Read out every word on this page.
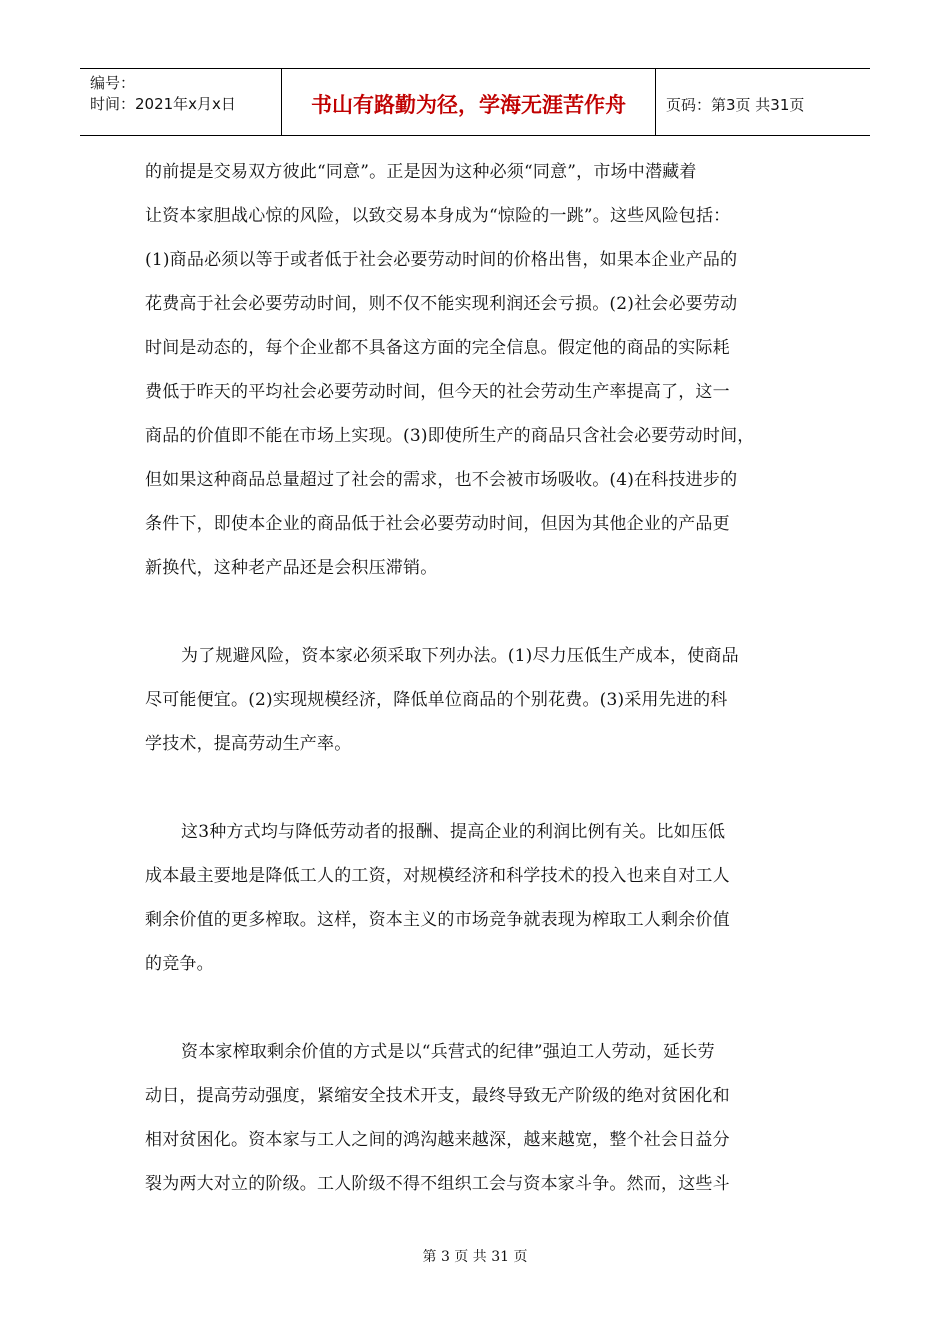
编号：
时间：2021年x月x日	书山有路勤为径，学海无涯苦作舟	页码：第3页 共31页

的前提是交易双方彼此“同意”。正是因为这种必须“同意”，市场中潜藏着
让资本家胆战心惊的风险，以致交易本身成为“惊险的一跳”。这些风险包括：
(1)商品必须以等于或者低于社会必要劳动时间的价格出售，如果本企业产品的
花费高于社会必要劳动时间，则不仅不能实现利润还会亏损。(2)社会必要劳动
时间是动态的，每个企业都不具备这方面的完全信息。假定他的商品的实际耗
费低于昨天的平均社会必要劳动时间，但今天的社会劳动生产率提高了，这一
商品的价值即不能在市场上实现。(3)即使所生产的商品只含社会必要劳动时间，
但如果这种商品总量超过了社会的需求，也不会被市场吸收。(4)在科技进步的
条件下，即使本企业的商品低于社会必要劳动时间，但因为其他企业的产品更
新换代，这种老产品还是会积压滞销。

为了规避风险，资本家必须采取下列办法。(1)尽力压低生产成本，使商品
尽可能便宜。(2)实现规模经济，降低单位商品的个别花费。(3)采用先进的科
学技术，提高劳动生产率。

这3种方式均与降低劳动者的报酬、提高企业的利润比例有关。比如压低
成本最主要地是降低工人的工资，对规模经济和科学技术的投入也来自对工人
剩余价值的更多榨取。这样，资本主义的市场竞争就表现为榨取工人剩余价值
的竞争。

资本家榨取剩余价值的方式是以“兵营式的纪律”强迫工人劳动，延长劳
动日，提高劳动强度，紧缩安全技术开支，最终导致无产阶级的绝对贫困化和
相对贫困化。资本家与工人之间的鸿沟越来越深，越来越宽，整个社会日益分
裂为两大对立的阶级。工人阶级不得不组织工会与资本家斗争。然而，这些斗

第 3 页 共 31 页
